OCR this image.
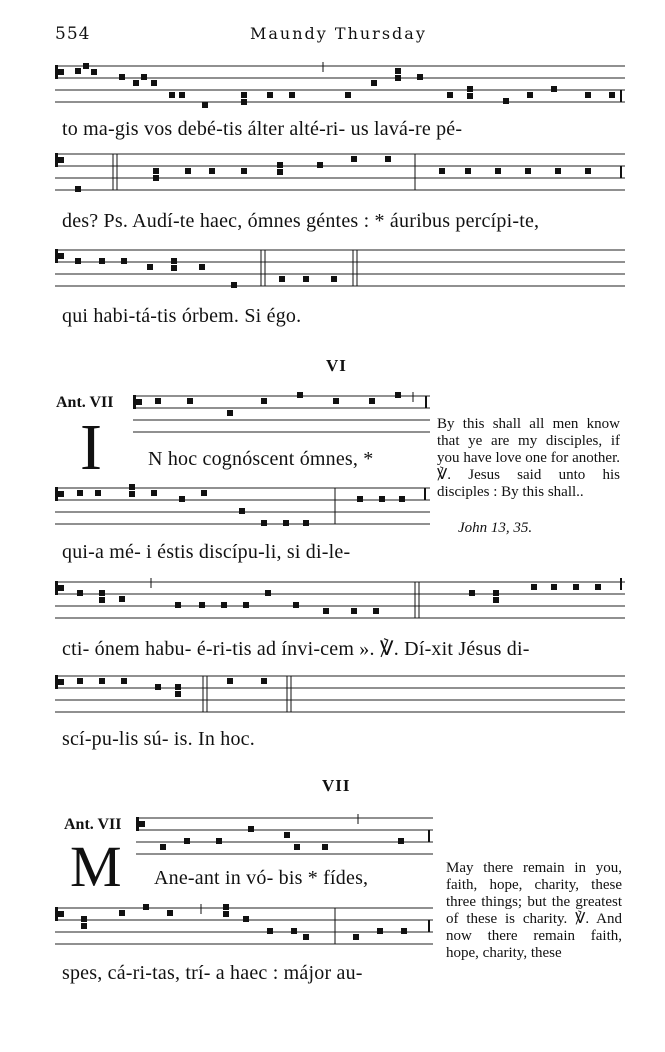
554	Maundy Thursday
to ma-gis vos debé-tis álter alté-ri- us lavá-re pé-
des? Ps. Audí-te haec, ómnes géntes : * áuribus percípi-te,
qui habi-tá-tis órbem. Si égo.
VI
Ant. VII
I N hoc cognóscent ómnes, *
By this shall all men know that ye are my disciples, if you have love one for another. ℣. Jesus said unto his disciples : By this shall..
John 13, 35.
qui-a mé- i éstis discípu-li, si di-le-
cti- ónem habu- é-ri-tis ad ínvi-cem ». ℣. Dí-xit Jésus di-
scí-pu-lis sú- is. In hoc.
VII
Ant. VII
M Ane-ant in vó- bis * fídes,	May there remain in you, faith, hope, charity, these three things; but the greatest of these is charity. ℣. And now there remain faith, hope, charity, these
spes, cá-ri-tas, trí- a haec : májor au-
